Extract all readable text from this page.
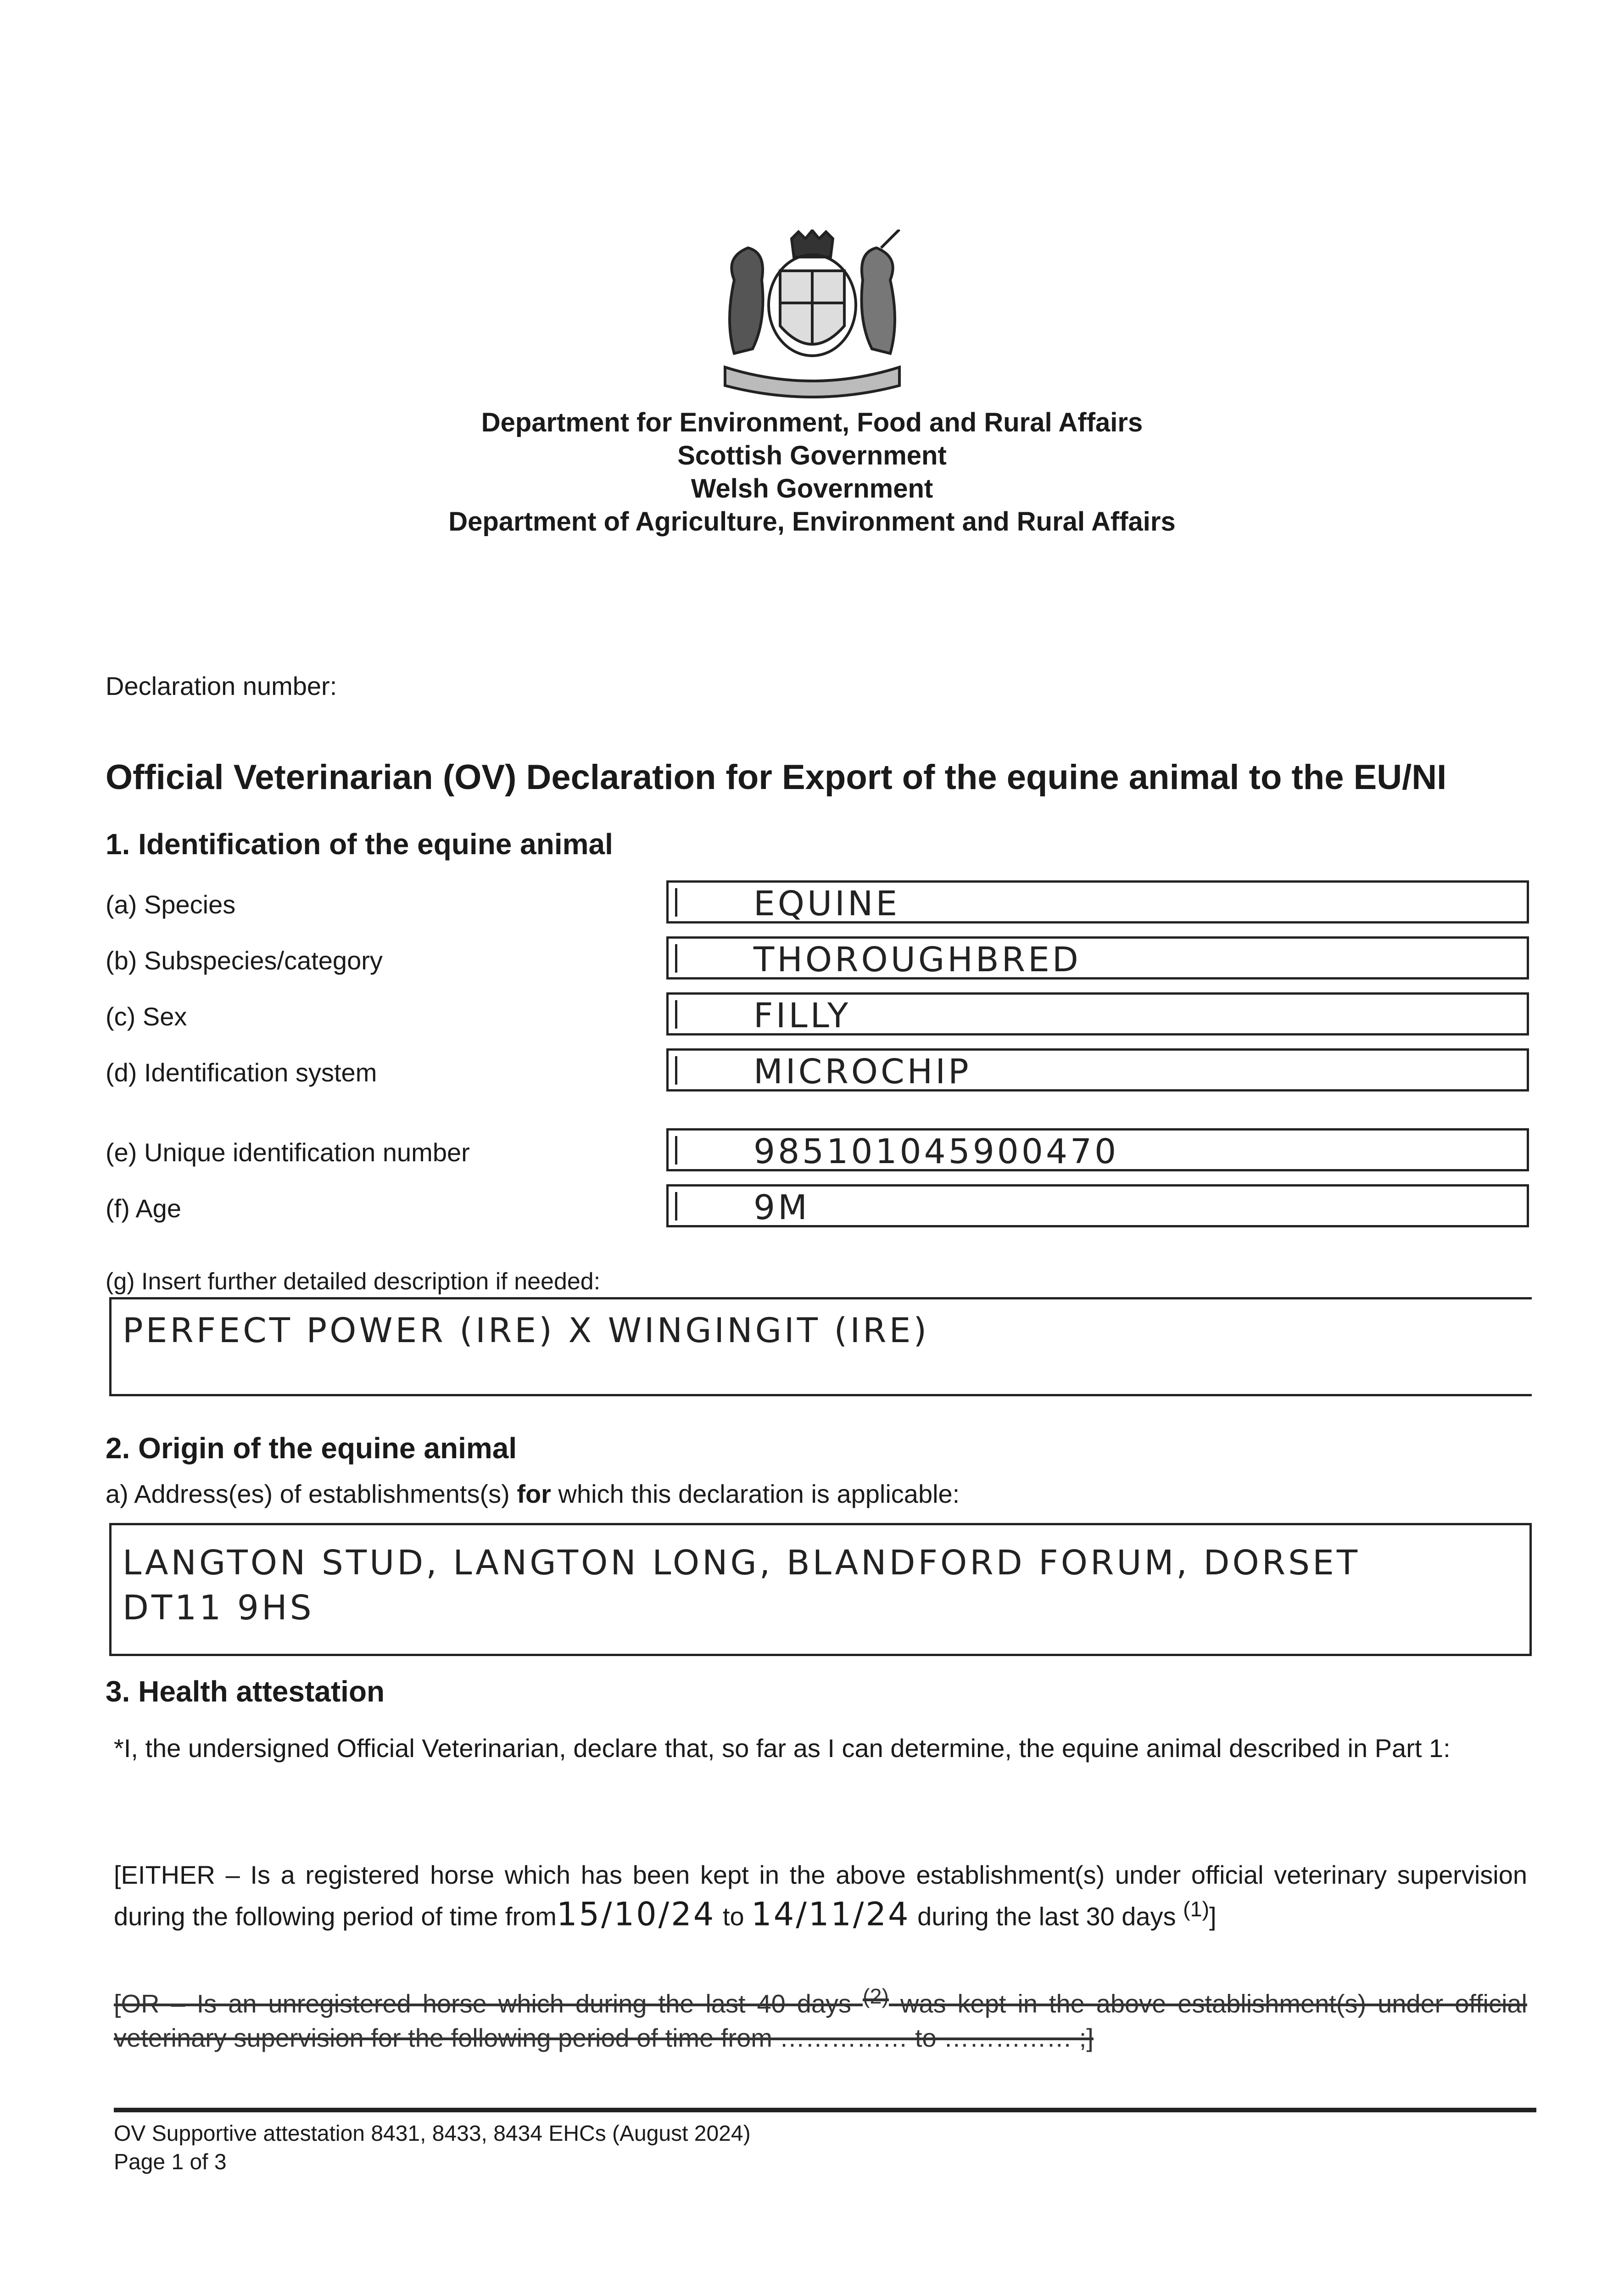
Department for Environment, Food and Rural Affairs
Scottish Government
Welsh Government
Department of Agriculture, Environment and Rural Affairs
Declaration number:
Official Veterinarian (OV) Declaration for Export of the equine animal to the EU/NI
1. Identification of the equine animal
(a) Species	EQUINE
(b) Subspecies/category	THOROUGHBRED
(c) Sex	FILLY
(d) Identification system	MICROCHIP
(e) Unique identification number	985101045900470
(f) Age	9M
(g) Insert further detailed description if needed:
PERFECT POWER (IRE) X WINGINGIT (IRE)
2. Origin of the equine animal
a) Address(es) of establishments(s) for which this declaration is applicable:
LANGTON STUD, LANGTON LONG, BLANDFORD FORUM, DORSET
DT11 9HS
3. Health attestation
*I, the undersigned Official Veterinarian, declare that, so far as I can determine, the equine animal described in Part 1:
[EITHER – Is a registered horse which has been kept in the above establishment(s) under official veterinary supervision during the following period of time from15/10/24 to 14/11/24 during the last 30 days $^{(1)}$]
[OR – Is an unregistered horse which during the last 40 days $^{(2)}$ was kept in the above establishment(s) under official veterinary supervision for the following period of time from …………… to …………… ;]
OV Supportive attestation 8431, 8433, 8434 EHCs (August 2024)
Page 1 of 3
